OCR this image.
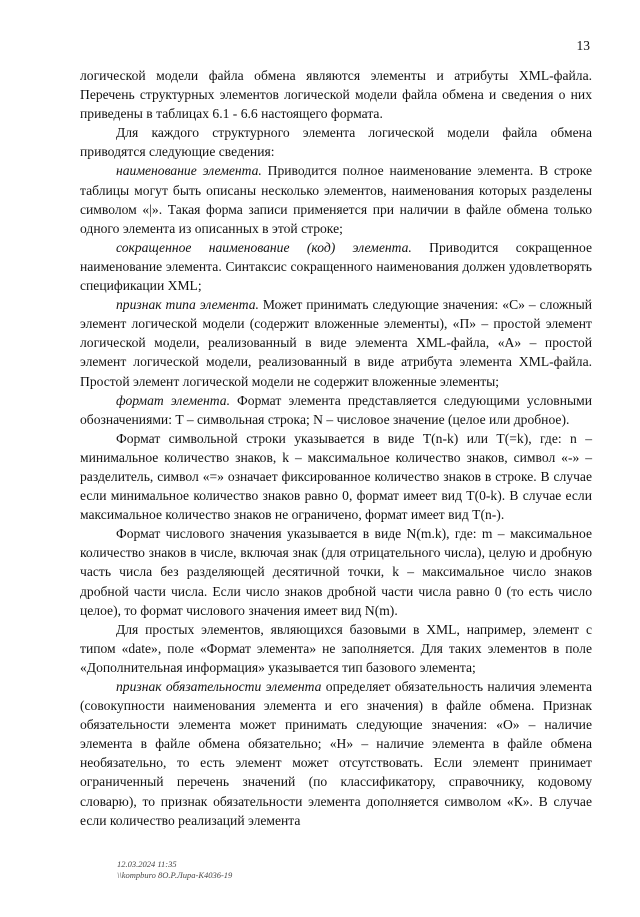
13

логической модели файла обмена являются элементы и атрибуты XML-файла. Перечень структурных элементов логической модели файла обмена и сведения о них приведены в таблицах 6.1 - 6.6 настоящего формата.

Для каждого структурного элемента логической модели файла обмена приводятся следующие сведения:

наименование элемента. Приводится полное наименование элемента. В строке таблицы могут быть описаны несколько элементов, наименования которых разделены символом «|». Такая форма записи применяется при наличии в файле обмена только одного элемента из описанных в этой строке;

сокращенное наименование (код) элемента. Приводится сокращенное наименование элемента. Синтаксис сокращенного наименования должен удовлетворять спецификации XML;

признак типа элемента. Может принимать следующие значения: «С» – сложный элемент логической модели (содержит вложенные элементы), «П» – простой элемент логической модели, реализованный в виде элемента XML-файла, «А» – простой элемент логической модели, реализованный в виде атрибута элемента XML-файла. Простой элемент логической модели не содержит вложенные элементы;

формат элемента. Формат элемента представляется следующими условными обозначениями: T – символьная строка; N – числовое значение (целое или дробное).

Формат символьной строки указывается в виде T(n-k) или T(=k), где: n – минимальное количество знаков, k – максимальное количество знаков, символ «-» – разделитель, символ «=» означает фиксированное количество знаков в строке. В случае если минимальное количество знаков равно 0, формат имеет вид T(0-k). В случае если максимальное количество знаков не ограничено, формат имеет вид T(n-).

Формат числового значения указывается в виде N(m.k), где: m – максимальное количество знаков в числе, включая знак (для отрицательного числа), целую и дробную часть числа без разделяющей десятичной точки, k – максимальное число знаков дробной части числа. Если число знаков дробной части числа равно 0 (то есть число целое), то формат числового значения имеет вид N(m).

Для простых элементов, являющихся базовыми в XML, например, элемент с типом «date», поле «Формат элемента» не заполняется. Для таких элементов в поле «Дополнительная информация» указывается тип базового элемента;

признак обязательности элемента определяет обязательность наличия элемента (совокупности наименования элемента и его значения) в файле обмена. Признак обязательности элемента может принимать следующие значения: «О» – наличие элемента в файле обмена обязательно; «Н» – наличие элемента в файле обмена необязательно, то есть элемент может отсутствовать. Если элемент принимает ограниченный перечень значений (по классификатору, справочнику, кодовому словарю), то признак обязательности элемента дополняется символом «К». В случае если количество реализаций элемента

12.03.2024 11:35
\\kompburo 8О.Р.Лира-К4036-19
